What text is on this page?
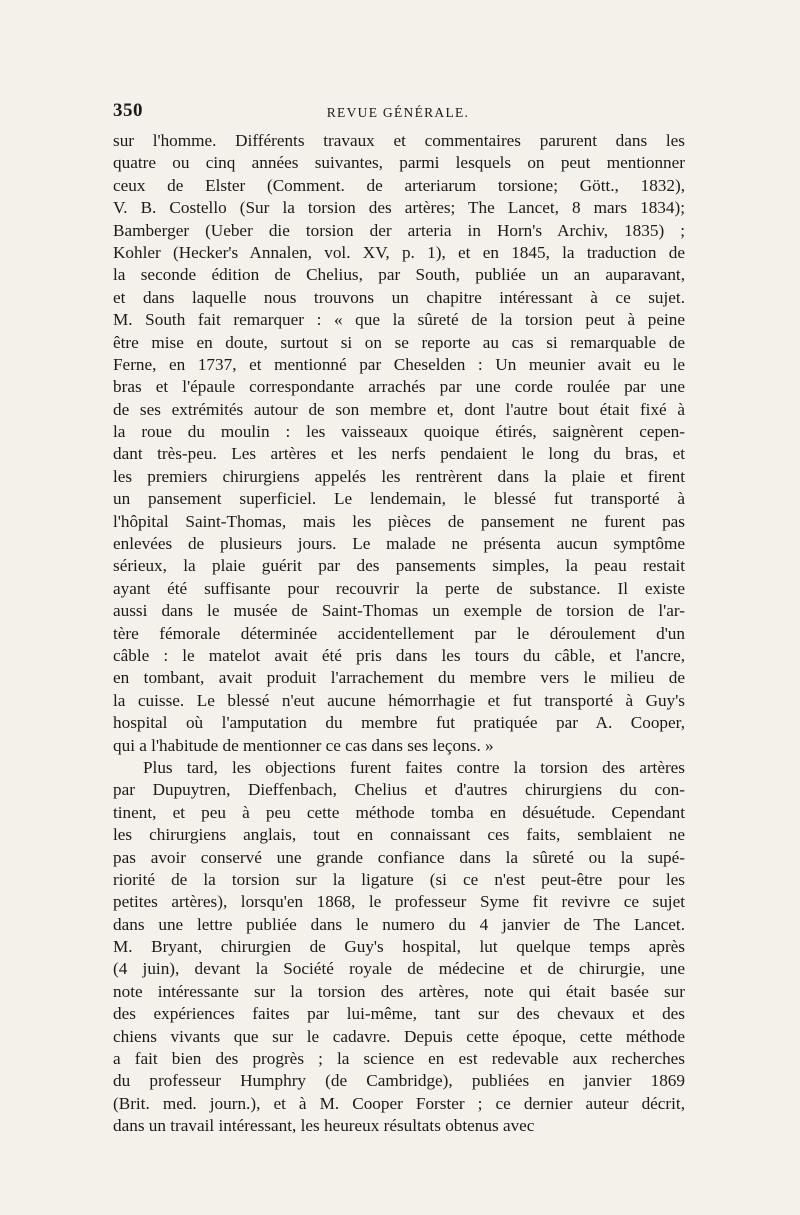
350	REVUE GÉNÉRALE.
sur l'homme. Différents travaux et commentaires parurent dans les
quatre ou cinq années suivantes, parmi lesquels on peut mentionner
ceux de Elster (Comment. de arteriarum torsione; Gött., 1832),
V. B. Costello (Sur la torsion des artères; The Lancet, 8 mars 1834);
Bamberger (Ueber die torsion der arteria in Horn's Archiv, 1835) ;
Kohler (Hecker's Annalen, vol. XV, p. 1), et en 1845, la traduction de
la seconde édition de Chelius, par South, publiée un an auparavant,
et dans laquelle nous trouvons un chapitre intéressant à ce sujet.
M. South fait remarquer : « que la sûreté de la torsion peut à peine
être mise en doute, surtout si on se reporte au cas si remarquable de
Ferne, en 1737, et mentionné par Cheselden : Un meunier avait eu le
bras et l'épaule correspondante arrachés par une corde roulée par une
de ses extrémités autour de son membre et, dont l'autre bout était fixé à
la roue du moulin : les vaisseaux quoique étirés, saignèrent cepen-
dant très-peu. Les artères et les nerfs pendaient le long du bras, et
les premiers chirurgiens appelés les rentrèrent dans la plaie et firent
un pansement superficiel. Le lendemain, le blessé fut transporté à
l'hôpital Saint-Thomas, mais les pièces de pansement ne furent pas
enlevées de plusieurs jours. Le malade ne présenta aucun symptôme
sérieux, la plaie guérit par des pansements simples, la peau restait
ayant été suffisante pour recouvrir la perte de substance. Il existe
aussi dans le musée de Saint-Thomas un exemple de torsion de l'ar-
tère fémorale déterminée accidentellement par le déroulement d'un
câble : le matelot avait été pris dans les tours du câble, et l'ancre,
en tombant, avait produit l'arrachement du membre vers le milieu de
la cuisse. Le blessé n'eut aucune hémorrhagie et fut transporté à Guy's
hospital où l'amputation du membre fut pratiquée par A. Cooper,
qui a l'habitude de mentionner ce cas dans ses leçons. »
Plus tard, les objections furent faites contre la torsion des artères
par Dupuytren, Dieffenbach, Chelius et d'autres chirurgiens du con-
tinent, et peu à peu cette méthode tomba en désuétude. Cependant
les chirurgiens anglais, tout en connaissant ces faits, semblaient ne
pas avoir conservé une grande confiance dans la sûreté ou la supé-
riorité de la torsion sur la ligature (si ce n'est peut-être pour les
petites artères), lorsqu'en 1868, le professeur Syme fit revivre ce sujet
dans une lettre publiée dans le numero du 4 janvier de The Lancet.
M. Bryant, chirurgien de Guy's hospital, lut quelque temps après
(4 juin), devant la Société royale de médecine et de chirurgie, une
note intéressante sur la torsion des artères, note qui était basée sur
des expériences faites par lui-même, tant sur des chevaux et des
chiens vivants que sur le cadavre. Depuis cette époque, cette méthode
a fait bien des progrès ; la science en est redevable aux recherches
du professeur Humphry (de Cambridge), publiées en janvier 1869
(Brit. med. journ.), et à M. Cooper Forster ; ce dernier auteur décrit,
dans un travail intéressant, les heureux résultats obtenus avec
